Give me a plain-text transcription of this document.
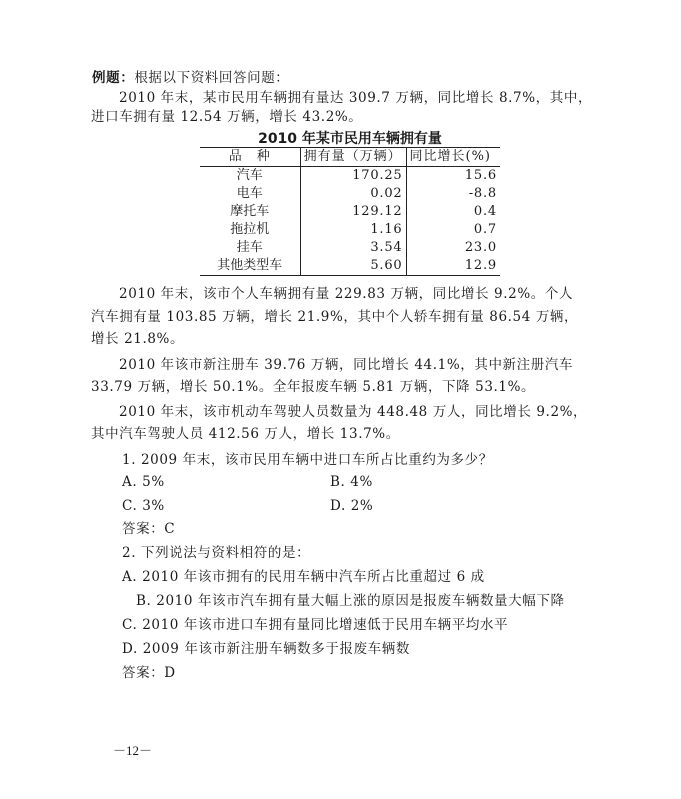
例题：根据以下资料回答问题：
2010 年末，某市民用车辆拥有量达 309.7 万辆，同比增长 8.7%，其中，
进口车拥有量 12.54 万辆，增长 43.2%。
2010 年某市民用车辆拥有量
品　种	拥有量（万辆）	同比增长(%)
汽车	170.25	15.6
电车	0.02	-8.8
摩托车	129.12	0.4
拖拉机	1.16	0.7
挂车	3.54	23.0
其他类型车	5.60	12.9
2010 年末，该市个人车辆拥有量 229.83 万辆，同比增长 9.2%。个人
汽车拥有量 103.85 万辆，增长 21.9%，其中个人轿车拥有量 86.54 万辆，
增长 21.8%。
2010 年该市新注册车 39.76 万辆，同比增长 44.1%，其中新注册汽车
33.79 万辆，增长 50.1%。全年报废车辆 5.81 万辆，下降 53.1%。
2010 年末，该市机动车驾驶人员数量为 448.48 万人，同比增长 9.2%，
其中汽车驾驶人员 412.56 万人，增长 13.7%。
1. 2009 年末，该市民用车辆中进口车所占比重约为多少？
A. 5%	B. 4%
C. 3%	D. 2%
答案：C
2. 下列说法与资料相符的是：
A. 2010 年该市拥有的民用车辆中汽车所占比重超过 6 成
B. 2010 年该市汽车拥有量大幅上涨的原因是报废车辆数量大幅下降
C. 2010 年该市进口车拥有量同比增速低于民用车辆平均水平
D. 2009 年该市新注册车辆数多于报废车辆数
答案：D
－12－
